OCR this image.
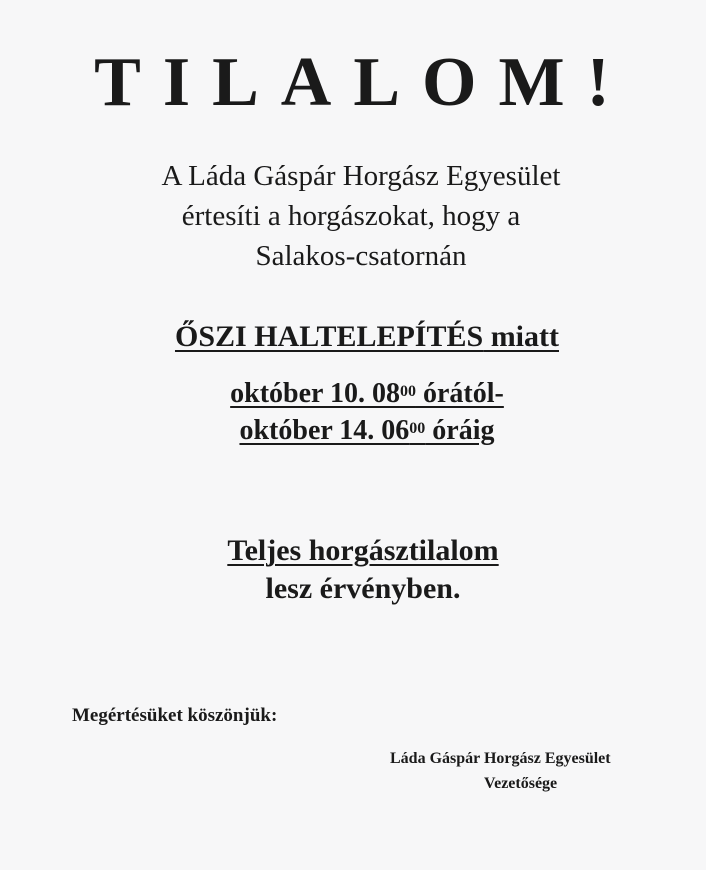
TILALOM!
A Láda Gáspár Horgász Egyesület
értesíti a horgászokat, hogy a
Salakos-csatornán
ŐSZI HALTELEPÍTÉS miatt
október 10. $08^{00}$ órától-
október 14. $06^{00}$ óráig
Teljes horgásztilalom
lesz érvényben.
Megértésüket köszönjük:
Láda Gáspár Horgász Egyesület
Vezetősége
